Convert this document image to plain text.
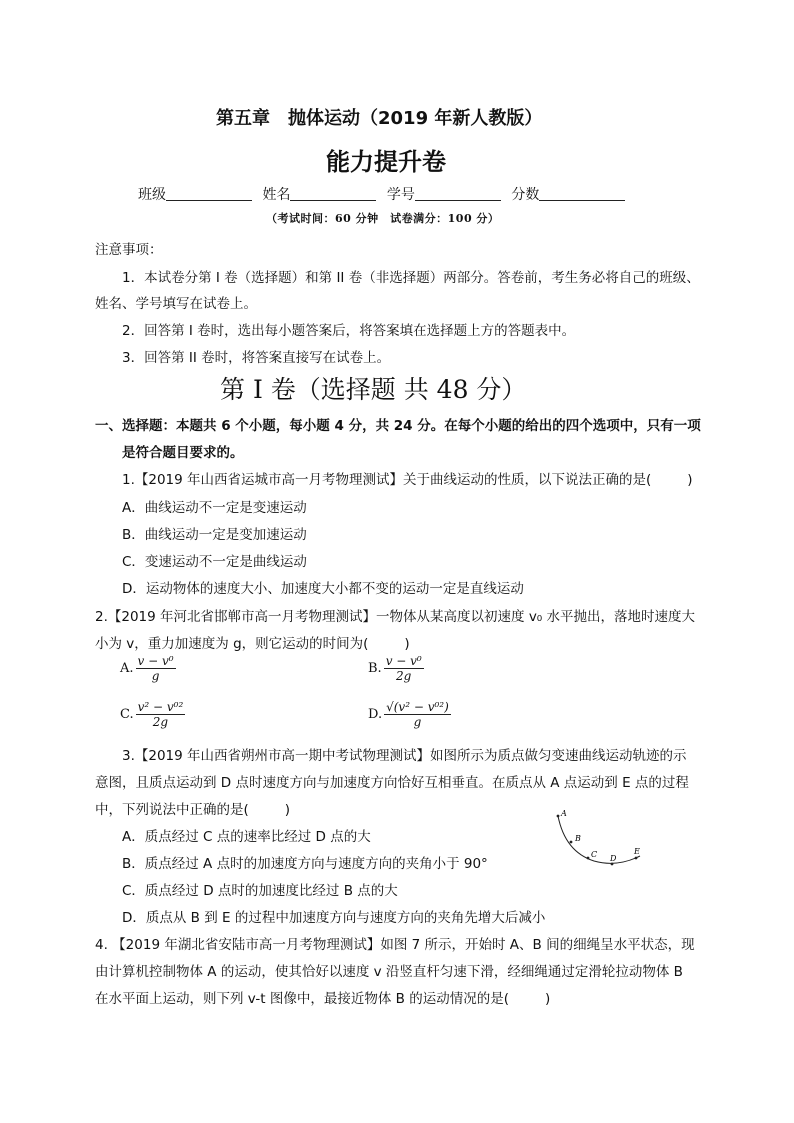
第五章　抛体运动（2019 年新人教版）
能力提升卷
班级	姓名	学号	分数
（考试时间：60 分钟　试卷满分：100 分）
注意事项：
1．本试卷分第 I 卷（选择题）和第 II 卷（非选择题）两部分。答卷前，考生务必将自己的班级、
姓名、学号填写在试卷上。
2．回答第 I 卷时，选出每小题答案后，将答案填在选择题上方的答题表中。
3．回答第 II 卷时，将答案直接写在试卷上。
第 I 卷（选择题 共 48 分）
一、选择题：本题共 6 个小题，每小题 4 分，共 24 分。在每个小题的给出的四个选项中，只有一项
是符合题目要求的。
1.【2019 年山西省运城市高一月考物理测试】关于曲线运动的性质，以下说法正确的是(	)
A．曲线运动不一定是变速运动
B．曲线运动一定是变加速运动
C．变速运动不一定是曲线运动
D．运动物体的速度大小、加速度大小都不变的运动一定是直线运动
2.【2019 年河北省邯郸市高一月考物理测试】一物体从某高度以初速度 v₀ 水平抛出，落地时速度大
小为 v，重力加速度为 g，则它运动的时间为(	)
A. $\frac{\text{v − v⁰}}{g}$	B. $\frac{\text{v − v⁰}}{2g}$
C. $\frac{\text{v² − v⁰²}}{2g}$	D. $\frac{\text{√(v² − v⁰²)}}{g}$
3.【2019 年山西省朔州市高一期中考试物理测试】如图所示为质点做匀变速曲线运动轨迹的示
意图，且质点运动到 D 点时速度方向与加速度方向恰好互相垂直。在质点从 A 点运动到 E 点的过程
中，下列说法中正确的是(	)
A．质点经过 C 点的速率比经过 D 点的大
B．质点经过 A 点时的加速度方向与速度方向的夹角小于 90°
C．质点经过 D 点时的加速度比经过 B 点的大
D．质点从 B 到 E 的过程中加速度方向与速度方向的夹角先增大后减小
A
B
C D
E
4. 【2019 年湖北省安陆市高一月考物理测试】如图 7 所示，开始时 A、B 间的细绳呈水平状态，现
由计算机控制物体 A 的运动，使其恰好以速度 v 沿竖直杆匀速下滑，经细绳通过定滑轮拉动物体 B
在水平面上运动，则下列 v-t 图像中，最接近物体 B 的运动情况的是(	)
